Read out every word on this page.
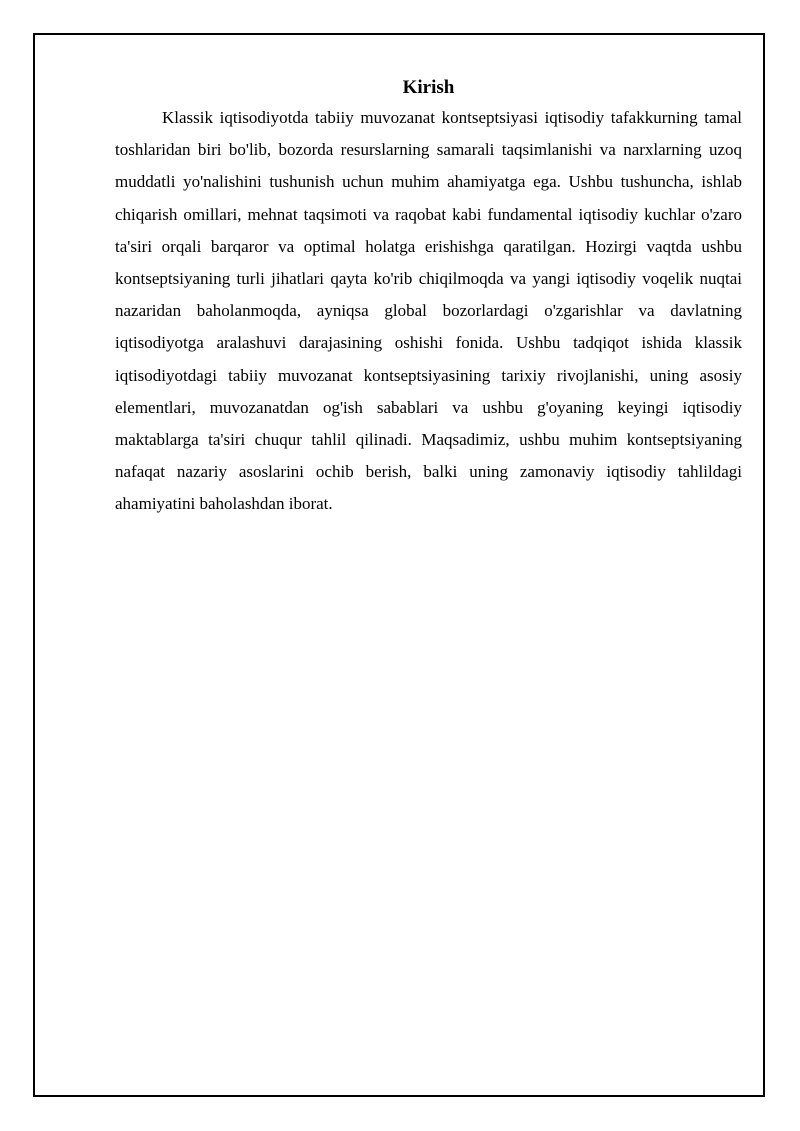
Kirish

Klassik iqtisodiyotda tabiiy muvozanat kontseptsiyasi iqtisodiy tafakkurning tamal toshlaridan biri bo'lib, bozorda resurslarning samarali taqsimlanishi va narxlarning uzoq muddatli yo'nalishini tushunish uchun muhim ahamiyatga ega. Ushbu tushuncha, ishlab chiqarish omillari, mehnat taqsimoti va raqobat kabi fundamental iqtisodiy kuchlar o'zaro ta'siri orqali barqaror va optimal holatga erishishga qaratilgan. Hozirgi vaqtda ushbu kontseptsiyaning turli jihatlari qayta ko'rib chiqilmoqda va yangi iqtisodiy voqelik nuqtai nazaridan baholanmoqda, ayniqsa global bozorlardagi o'zgarishlar va davlatning iqtisodiyotga aralashuvi darajasining oshishi fonida. Ushbu tadqiqot ishida klassik iqtisodiyotdagi tabiiy muvozanat kontseptsiyasining tarixiy rivojlanishi, uning asosiy elementlari, muvozanatdan og'ish sabablari va ushbu g'oyaning keyingi iqtisodiy maktablarga ta'siri chuqur tahlil qilinadi. Maqsadimiz, ushbu muhim kontseptsiyaning nafaqat nazariy asoslarini ochib berish, balki uning zamonaviy iqtisodiy tahlildagi ahamiyatini baholashdan iborat.
